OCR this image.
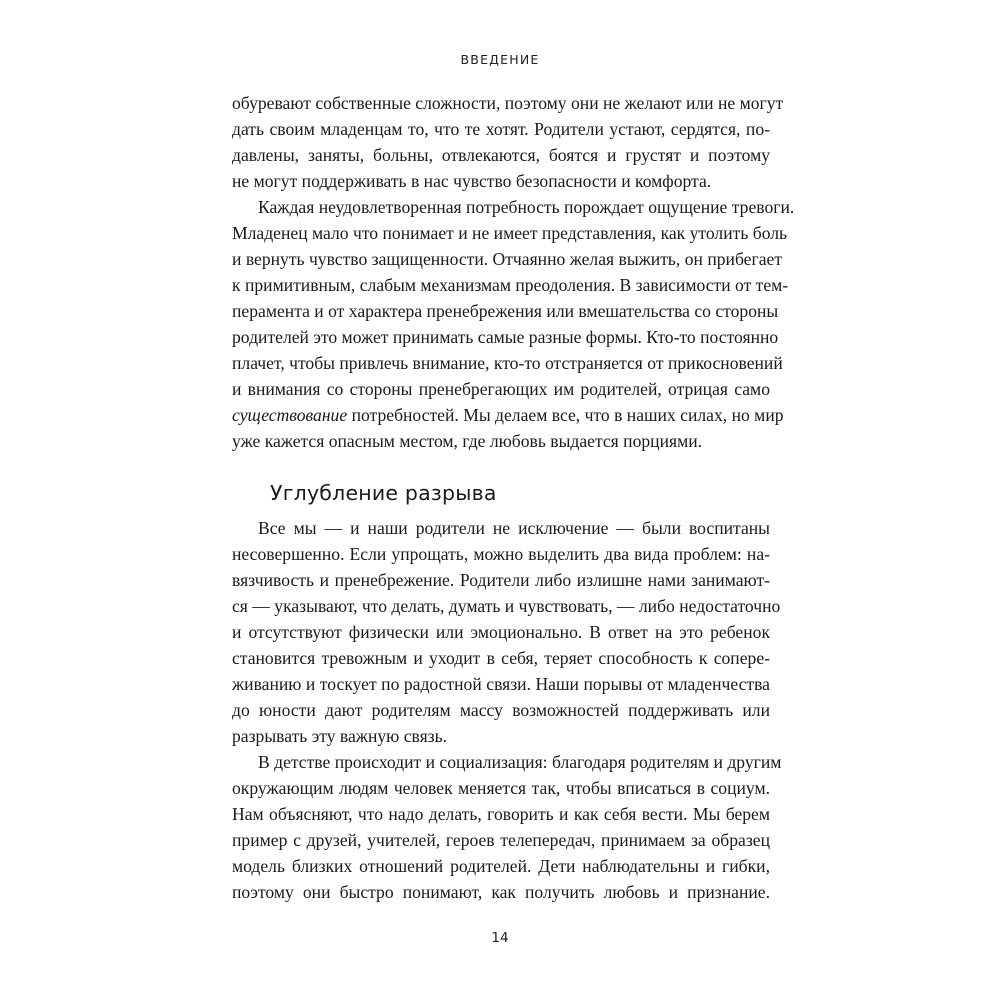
ВВЕДЕНИЕ
обуревают собственные сложности, поэтому они не желают или не могут
дать своим младенцам то, что те хотят. Родители устают, сердятся, по-
давлены, заняты, больны, отвлекаются, боятся и грустят и поэтому
не могут поддерживать в нас чувство безопасности и комфорта.
Каждая неудовлетворенная потребность порождает ощущение тревоги.
Младенец мало что понимает и не имеет представления, как утолить боль
и вернуть чувство защищенности. Отчаянно желая выжить, он прибегает
к примитивным, слабым механизмам преодоления. В зависимости от тем-
перамента и от характера пренебрежения или вмешательства со стороны
родителей это может принимать самые разные формы. Кто-то постоянно
плачет, чтобы привлечь внимание, кто-то отстраняется от прикосновений
и внимания со стороны пренебрегающих им родителей, отрицая само
существование потребностей. Мы делаем все, что в наших силах, но мир
уже кажется опасным местом, где любовь выдается порциями.
Углубление разрыва
Все мы — и наши родители не исключение — были воспитаны
несовершенно. Если упрощать, можно выделить два вида проблем: на-
вязчивость и пренебрежение. Родители либо излишне нами занимают-
ся — указывают, что делать, думать и чувствовать, — либо недостаточно
и отсутствуют физически или эмоционально. В ответ на это ребенок
становится тревожным и уходит в себя, теряет способность к сопере-
живанию и тоскует по радостной связи. Наши порывы от младенчества
до юности дают родителям массу возможностей поддерживать или
разрывать эту важную связь.
В детстве происходит и социализация: благодаря родителям и другим
окружающим людям человек меняется так, чтобы вписаться в социум.
Нам объясняют, что надо делать, говорить и как себя вести. Мы берем
пример с друзей, учителей, героев телепередач, принимаем за образец
модель близких отношений родителей. Дети наблюдательны и гибки,
поэтому они быстро понимают, как получить любовь и признание.
14
